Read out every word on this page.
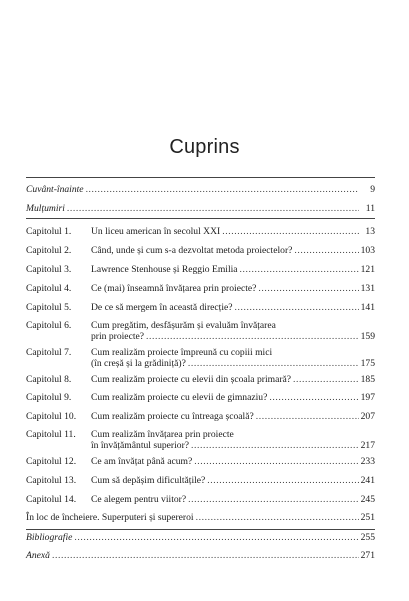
Cuprins
Cuvânt-înainte .....	9
Mulțumiri .....	11
Capitolul 1.	Un liceu american în secolul XXI .....	13
Capitolul 2.	Când, unde și cum s-a dezvoltat metoda proiectelor? .....	103
Capitolul 3.	Lawrence Stenhouse și Reggio Emilia .....	121
Capitolul 4.	Ce (mai) înseamnă învățarea prin proiecte? .....	131
Capitolul 5.	De ce să mergem în această direcție? .....	141
Capitolul 6.	Cum pregătim, desfășurăm și evaluăm învățarea
prin proiecte? .....	159
Capitolul 7.	Cum realizăm proiecte împreună cu copiii mici
(în creșă și la grădiniță)? .....	175
Capitolul 8.	Cum realizăm proiecte cu elevii din școala primară? .....	185
Capitolul 9.	Cum realizăm proiecte cu elevii de gimnaziu? .....	197
Capitolul 10.	Cum realizăm proiecte cu întreaga școală? .....	207
Capitolul 11.	Cum realizăm învățarea prin proiecte
în învățământul superior? .....	217
Capitolul 12.	Ce am învățat până acum? .....	233
Capitolul 13.	Cum să depășim dificultățile? .....	241
Capitolul 14.	Ce alegem pentru viitor? .....	245
În loc de încheiere. Superputeri și supereroi .....	251
Bibliografie .....	255
Anexă .....	271
